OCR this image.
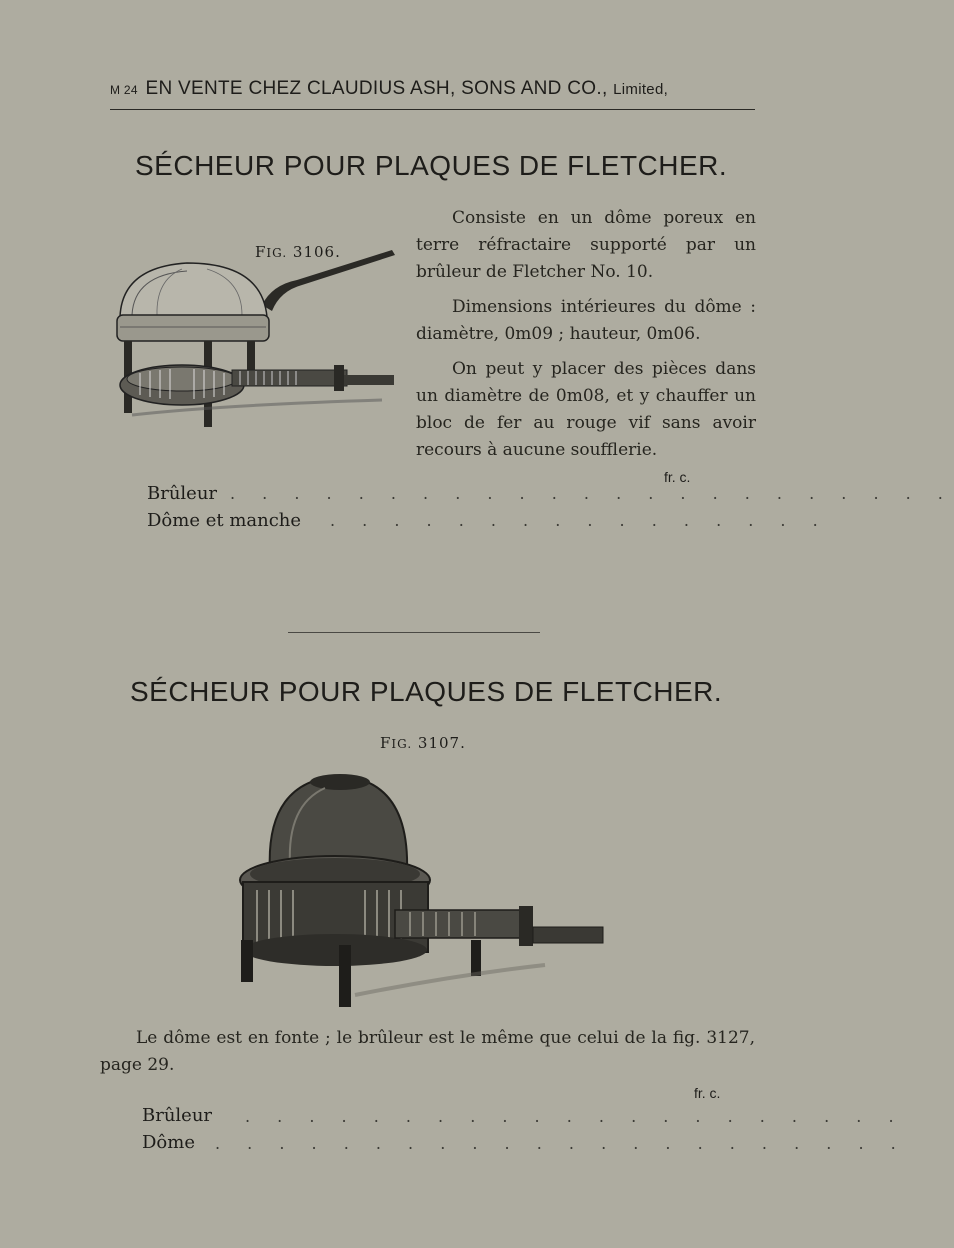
M 24 EN VENTE CHEZ CLAUDIUS ASH, SONS AND CO., Limited,
SÉCHEUR POUR PLAQUES DE FLETCHER.
FIG. 3106.
Consiste en un dôme poreux en terre réfractaire supporté par un brûleur de Fletcher No. 10.
Dimensions intérieures du dôme : diamètre, 0m09 ; hauteur, 0m06.
On peut y placer des pièces dans un diamètre de 0m08, et y chauffer un bloc de fer au rouge vif sans avoir recours à aucune soufflerie.
fr. c.
Brûleur . . . . . . . . . . . . . . . . . . . . . . .
Dôme et manche . . . . . . . . . . . . . . . .
SÉCHEUR POUR PLAQUES DE FLETCHER.
FIG. 3107.
Le dôme est en fonte ; le brûleur est le même que celui de la fig. 3127, page 29.
fr. c.
Brûleur . . . . . . . . . . . . . . . . . . . . .
Dôme . . . . . . . . . . . . . . . . . . . . . .
